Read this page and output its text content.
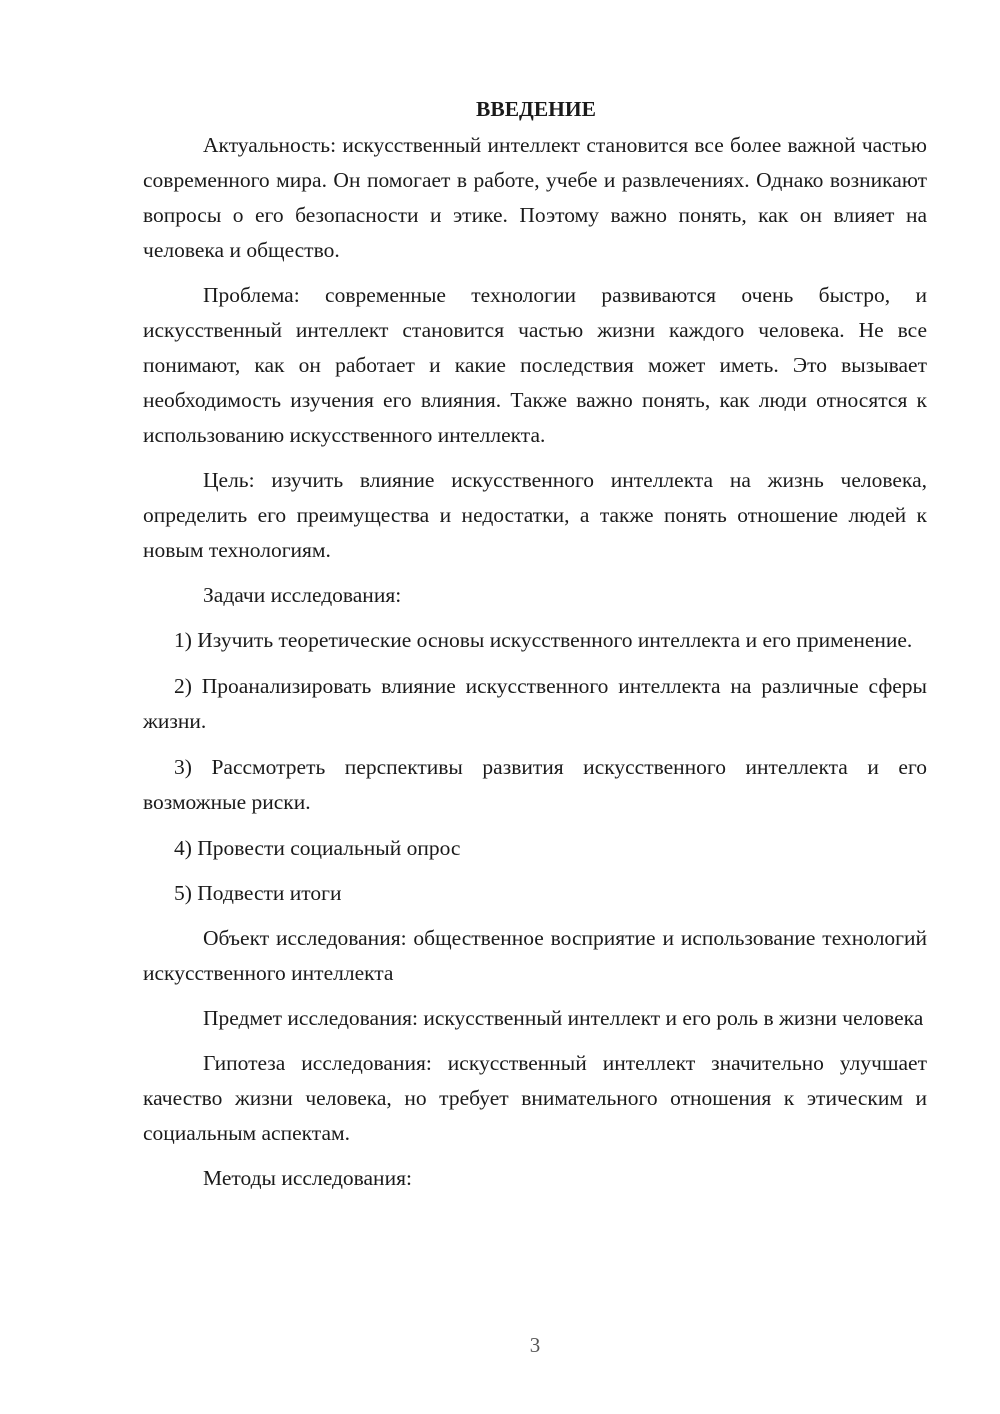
ВВЕДЕНИЕ

Актуальность: искусственный интеллект становится все более важной частью современного мира. Он помогает в работе, учебе и развлечениях. Однако возникают вопросы о его безопасности и этике. Поэтому важно понять, как он влияет на человека и общество.

Проблема: современные технологии развиваются очень быстро, и искусственный интеллект становится частью жизни каждого человека. Не все понимают, как он работает и какие последствия может иметь. Это вызывает необходимость изучения его влияния. Также важно понять, как люди относятся к использованию искусственного интеллекта.

Цель: изучить влияние искусственного интеллекта на жизнь человека, определить его преимущества и недостатки, а также понять отношение людей к новым технологиям.

Задачи исследования:

1) Изучить теоретические основы искусственного интеллекта и его применение.

2) Проанализировать влияние искусственного интеллекта на различные сферы жизни.

3) Рассмотреть перспективы развития искусственного интеллекта и его возможные риски.

4) Провести социальный опрос

5) Подвести итоги

Объект исследования: общественное восприятие и использование технологий искусственного интеллекта

Предмет исследования: искусственный интеллект и его роль в жизни человека

Гипотеза исследования: искусственный интеллект значительно улучшает качество жизни человека, но требует внимательного отношения к этическим и социальным аспектам.

Методы исследования:

3
